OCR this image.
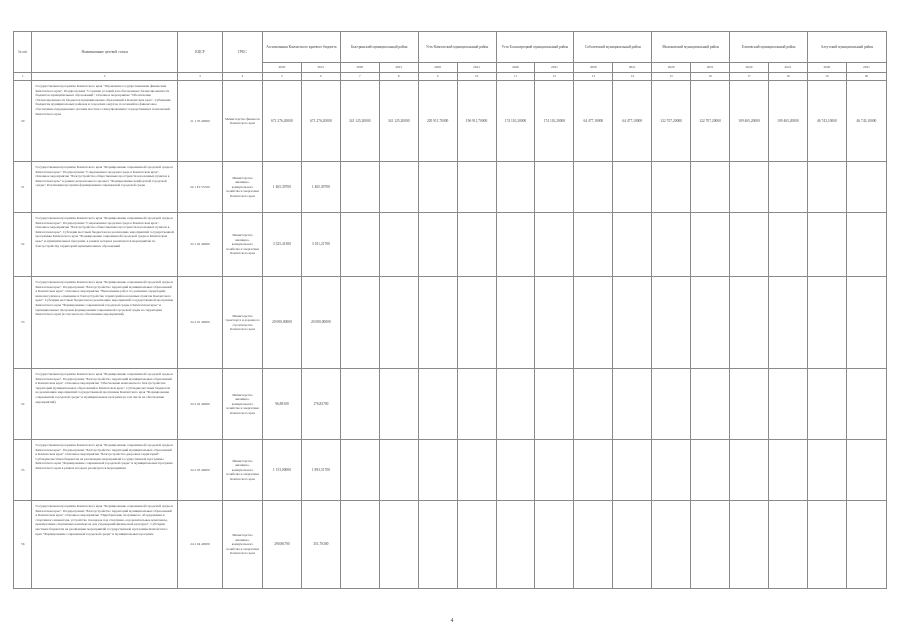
№ п/п	Наименование целевой статьи	КЦСР	ГРБС	Ассигнования Камчатского краевого бюджета		Быстринский муниципальный район		Усть-Камчатский муниципальный район		Усть-Большерецкий муниципальный район		Соболевский муниципальный район		Мильковский муниципальный район		Елизовский муниципальный район		Алеутский муниципальный район	
				2020	2021	2020	2021	2020	2021	2020	2021	2020	2021	2020	2021	2020	2021	2020	2021
1	2	3	4	5	6	7	8	9	10	11	12	13	14	15	16	17	18	19	20
50	Государственная программа Камчатского края "Управление государственными финансами Камчатского края". Подпрограмма "Создание условий для обеспечения сбалансированности бюджетов муниципальных образований". Основное мероприятие "Обеспечение сбалансированности бюджетов муниципальных образований в Камчатском крае". Субвенции бюджетам муниципальных районов и городских округов, поселений на финансовое обеспечение передаваемых органам местного самоуправления государственных полномочий Камчатского края	21 1 03 40060	Министерство финансов Камчатского края	671 276,20000	671 276,20000	341 125,20000	341 125,20000	205 911,70000	196 911,70000	174 110,20000	174 110,20000	64 477,10000	64 477,10000	122 707,20000	122 707,20000	109 465,20000	109 465,20000	46 743,10000	46 743,10000
51	Государственная программа Камчатского края "Формирование современной городской среды в Камчатском крае". Подпрограмма "Современная городская среда в Камчатском крае". Основное мероприятие "Благоустройство общественных пространств населенных пунктов в Камчатском крае" в рамках регионального проекта "Формирование комфортной городской среды". Реализация программ формирования современной городской среды	24 1 F2 55550	Министерство жилищно-коммунального хозяйства и энергетики Камчатского края	1 465,39700	1 465,39700														
52	Государственная программа Камчатского края "Формирование современной городской среды в Камчатском крае". Подпрограмма "Современная городская среда в Камчатском крае". Основное мероприятие "Благоустройство общественных пространств населенных пунктов в Камчатском крае". Субсидии местным бюджетам на реализацию мероприятий государственной программы Камчатского края "Формирование современной городской среды в Камчатском крае" и муниципальных программ, в рамках которых реализуются мероприятия по благоустройству территорий муниципальных образований	24 1 02 40000	Министерство жилищно-коммунального хозяйства и энергетики Камчатского края	3 325,41300	3 101,21700														
53	Государственная программа Камчатского края "Формирование современной городской среды в Камчатском крае". Подпрограмма "Благоустройство территорий муниципальных образований в Камчатском крае". Основное мероприятие "Выполнение работ по развитию территорий, включая уличное освещение и благоустройство территорий населенных пунктов Камчатского края". Субсидии местным бюджетам на реализацию мероприятий государственной программы Камчатского края "Формирование современной городской среды в Камчатском крае" и муниципальных программ формирования современной городской среды на территории Камчатского края (в том числе на обеспечение мероприятий)	24 2 01 40000	Министерство транспорта и дорожного строительства Камчатского края	20 000,00000	20 000,00000														
54	Государственная программа Камчатского края "Формирование современной городской среды в Камчатском крае". Подпрограмма "Благоустройство территорий муниципальных образований в Камчатском крае". Основное мероприятие "Обеспечение комплексного благоустройства территорий муниципальных образований в Камчатском крае". Субсидии местным бюджетам на реализацию мероприятий государственной программы Камчатского края "Формирование современной городской среды" и муниципальных программ (в том числе на обеспечение мероприятий)	24 2 02 40000	Министерство жилищно-коммунального хозяйства и энергетики Камчатского края	96,88100	176,83700														
55	Государственная программа Камчатского края "Формирование современной городской среды в Камчатском крае". Подпрограмма "Благоустройство территорий муниципальных образований в Камчатском крае". Основное мероприятие "Благоустройство дворовых территорий". Субсидии местным бюджетам на реализацию мероприятий государственной программы Камчатского края "Формирование современной городской среды" и муниципальных программ Камчатского края в рамках которых реализуются мероприятия	24 2 03 40000	Министерство жилищно-коммунального хозяйства и энергетики Камчатского края	1 153,00000	1 893,51700														
56	Государственная программа Камчатского края "Формирование современной городской среды в Камчатском крае". Подпрограмма "Благоустройство территорий муниципальных образований в Камчатском крае". Основное мероприятие "Приобретение спортивного оборудования и спортивного инвентаря, устройство площадок под спортивно-оздоровительные комплексы, приобретение спортивных комплексов для учреждений физической культуры". Субсидии местным бюджетам на реализацию мероприятий государственной программы Камчатского края "Формирование современной городской среды" и муниципальных программ	24 2 04 40000	Министерство жилищно-коммунального хозяйства и энергетики Камчатского края	290,86700	351,76300														
4
